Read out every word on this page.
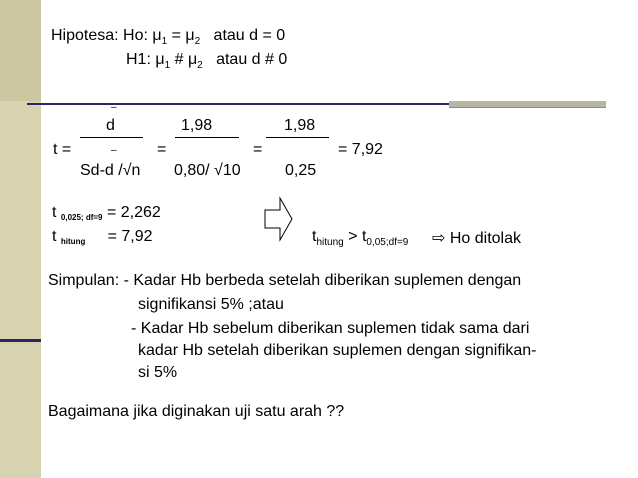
Hipotesa: Ho: $\mu_1 = \mu_2$ atau d = 0
H1: $\mu_1$ # $\mu_2$ atau d # 0
–
d	1,98	1,98
t =	=	=	= 7,92
–
Sd-d /√n 0,80/ √10	0,25
t 0,025; df=9 = 2,262
t hitung = 7,92	$t_{hitung} > t_{0,05;df=9}$ ⇨ Ho ditolak
Simpulan: - Kadar Hb berbeda setelah diberikan suplemen dengan
signifikansi 5% ;atau
- Kadar Hb sebelum diberikan suplemen tidak sama dari
kadar Hb setelah diberikan suplemen dengan signifikan-
si 5%
Bagaimana jika diginakan uji satu arah ??
